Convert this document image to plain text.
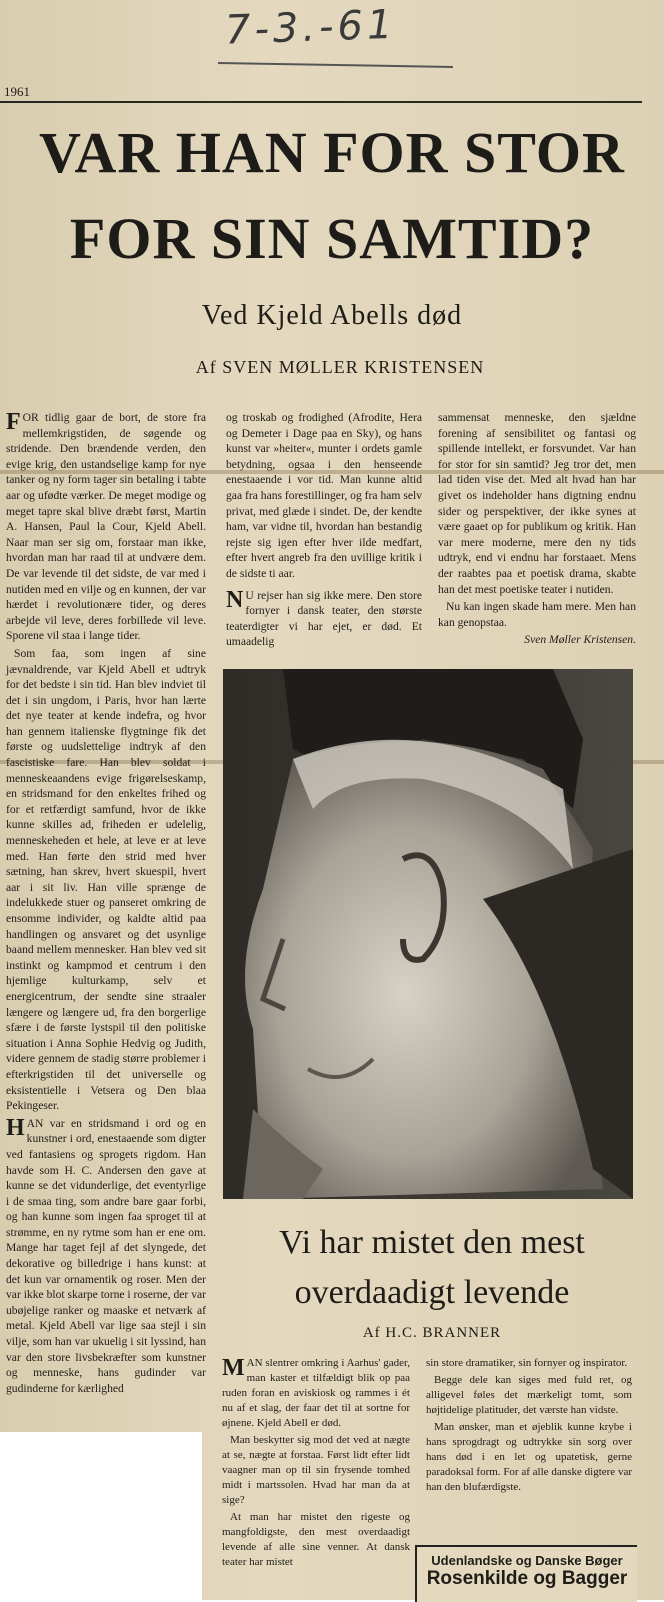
7-3.-61
1961
VAR HAN FOR STOR
FOR SIN SAMTID?
Ved Kjeld Abells død
Af SVEN MØLLER KRISTENSEN

FOR tidlig gaar de bort, de store fra mellemkrigstiden, de søgende og stridende. Den brændende verden, den evige krig, den ustandselige kamp for nye tanker og ny form tager sin betaling i tabte aar og ufødte værker. De meget modige og meget tapre skal blive dræbt først, Martin A. Hansen, Paul la Cour, Kjeld Abell. Naar man ser sig om, forstaar man ikke, hvordan man har raad til at undvære dem. De var levende til det sidste, de var med i nutiden med en vilje og en kunnen, der var hærdet i revolutionære tider, og deres arbejde vil leve, deres forbillede vil leve. Sporene vil staa i lange tider.

Som faa, som ingen af sine jævnaldrende, var Kjeld Abell et udtryk for det bedste i sin tid. Han blev indviet til det i sin ungdom, i Paris, hvor han lærte det nye teater at kende indefra, og hvor han gennem italienske flygtninge fik det første og uudslettelige indtryk af den fascistiske fare. Han blev soldat i menneskeaandens evige frigørelseskamp, en stridsmand for den enkeltes frihed og for et retfærdigt samfund, hvor de ikke kunne skilles ad, friheden er udelelig, menneskeheden et hele, at leve er at leve med. Han førte den strid med hver sætning, han skrev, hvert skuespil, hvert aar i sit liv. Han ville sprænge de indelukkede stuer og panseret omkring de ensomme individer, og kaldte altid paa handlingen og ansvaret og det usynlige baand mellem mennesker. Han blev ved sit instinkt og kampmod et centrum i den hjemlige kulturkamp, selv et energicentrum, der sendte sine straaler længere og længere ud, fra den borgerlige sfære i de første lystspil til den politiske situation i Anna Sophie Hedvig og Judith, videre gennem de stadig større problemer i efterkrigstiden til det universelle og eksistentielle i Vetsera og Den blaa Pekingeser.

HAN var en stridsmand i ord og en kunstner i ord, enestaaende som digter ved fantasiens og sprogets rigdom. Han havde som H. C. Andersen den gave at kunne se det vidunderlige, det eventyrlige i de smaa ting, som andre bare gaar forbi, og han kunne som ingen faa sproget til at strømme, en ny rytme som han er ene om. Mange har taget fejl af det slyngede, det dekorative og billedrige i hans kunst: at det kun var ornamentik og roser. Men der var ikke blot skarpe torne i roserne, der var ubøjelige ranker og maaske et netværk af metal. Kjeld Abell var lige saa stejl i sin vilje, som han var ukuelig i sit lyssind, han var den store livsbekræfter som kunstner og menneske, hans gudinder var gudinderne for kærlighed

og troskab og frodighed (Afrodite, Hera og Demeter i Dage paa en Sky), og hans kunst var »heiter«, munter i ordets gamle betydning, ogsaa i den henseende enestaaende i vor tid. Man kunne altid gaa fra hans forestillinger, og fra ham selv privat, med glæde i sindet. De, der kendte ham, var vidne til, hvordan han bestandig rejste sig igen efter hver ilde medfart, efter hvert angreb fra den uvillige kritik i de sidste ti aar.

N U rejser han sig ikke mere. Den store fornyer i dansk teater, den største teaterdigter vi har ejet, er død. Et umaadelig

sammensat menneske, den sjældne forening af sensibilitet og fantasi og spillende intellekt, er forsvundet. Var han for stor for sin samtid? Jeg tror det, men lad tiden vise det. Med alt hvad han har givet os indeholder hans digtning endnu sider og perspektiver, der ikke synes at være gaaet op for publikum og kritik. Han var mere moderne, mere den ny tids udtryk, end vi endnu har forstaaet. Mens der raabtes paa et poetisk drama, skabte han det mest poetiske teater i nutiden.

Nu kan ingen skade ham mere. Men han kan genopstaa.

Sven Møller Kristensen.
Vi har mistet den mest
overdaadigt levende
Af H.C. BRANNER

MAN slentrer omkring i Aarhus' gader, man kaster et tilfældigt blik op paa ruden foran en aviskiosk og rammes i ét nu af et slag, der faar det til at sortne for øjnene. Kjeld Abell er død.

Man beskytter sig mod det ved at nægte at se, nægte at forstaa. Først lidt efter lidt vaagner man op til sin frysende tomhed midt i martssolen. Hvad har man da at sige?

At man har mistet den rigeste og mangfoldigste, den mest overdaadigt levende af alle sine venner. At dansk teater har mistet

sin store dramatiker, sin fornyer og inspirator.

Begge dele kan siges med fuld ret, og alligevel føles det mærkeligt tomt, som højtidelige platituder, det værste han vidste.

Man ønsker, man et øjeblik kunne krybe i hans sprogdragt og udtrykke sin sorg over hans død i en let og upatetisk, gerne paradoksal form. For af alle danske digtere var han den blufærdigste.

Udenlandske og Danske Bøger
Rosenkilde og Bagger
